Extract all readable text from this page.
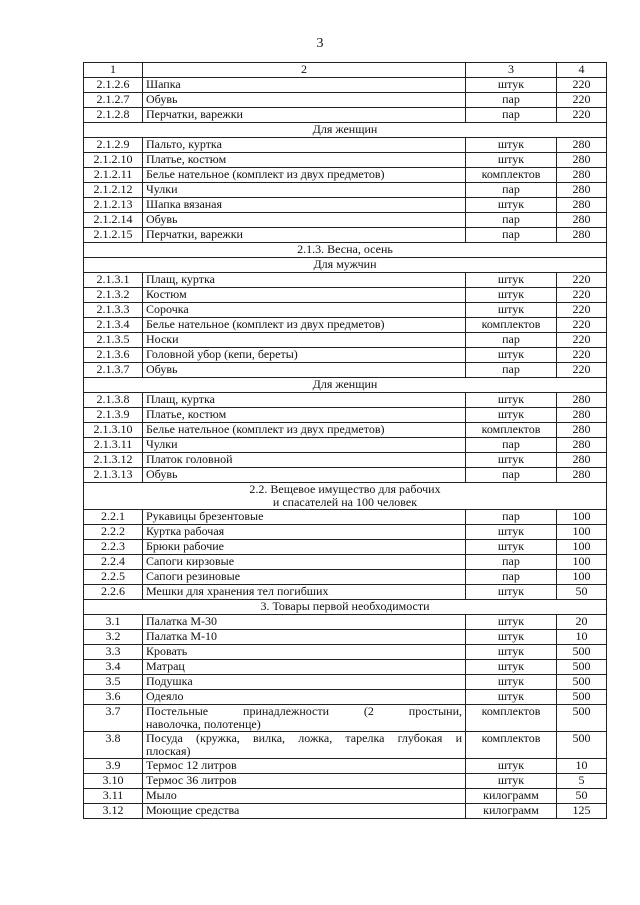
3
1	2	3	4
2.1.2.6	Шапка	штук	220
2.1.2.7	Обувь	пар	220
2.1.2.8	Перчатки, варежки	пар	220

Для женщин			

2.1.2.9	Пальто, куртка	штук	280
2.1.2.10	Платье, костюм	штук	280
2.1.2.11	Белье нательное (комплект из двух предметов)	комплектов	280
2.1.2.12	Чулки	пар	280
2.1.2.13	Шапка вязаная	штук	280
2.1.2.14	Обувь	пар	280
2.1.2.15	Перчатки, варежки	пар	280

2.1.3. Весна, осень			

Для мужчин			

2.1.3.1	Плащ, куртка	штук	220
2.1.3.2	Костюм	штук	220
2.1.3.3	Сорочка	штук	220
2.1.3.4	Белье нательное (комплект из двух предметов)	комплектов	220
2.1.3.5	Носки	пар	220
2.1.3.6	Головной убор (кепи, береты)	штук	220
2.1.3.7	Обувь	пар	220

Для женщин			

2.1.3.8	Плащ, куртка	штук	280
2.1.3.9	Платье, костюм	штук	280
2.1.3.10	Белье нательное (комплект из двух предметов)	комплектов	280
2.1.3.11	Чулки	пар	280
2.1.3.12	Платок головной	штук	280
2.1.3.13	Обувь	пар	280

2.2. Вещевое имущество для рабочих
и спасателей на 100 человек			

2.2.1	Рукавицы брезентовые	пар	100
2.2.2	Куртка рабочая	штук	100
2.2.3	Брюки рабочие	штук	100
2.2.4	Сапоги кирзовые	пар	100
2.2.5	Сапоги резиновые	пар	100
2.2.6	Мешки для хранения тел погибших	штук	50

3. Товары первой необходимости			

3.1	Палатка М-30	штук	20
3.2	Палатка М-10	штук	10
3.3	Кровать	штук	500
3.4	Матрац	штук	500
3.5	Подушка	штук	500
3.6	Одеяло	штук	500
3.7	Постельные принадлежности (2 простыни,
наволочка, полотенце)	комплектов	500
3.8	Посуда (кружка, вилка, ложка, тарелка глубокая и
плоская)	комплектов	500
3.9	Термос 12 литров	штук	10
3.10	Термос 36 литров	штук	5
3.11	Мыло	килограмм	50
3.12	Моющие средства	килограмм	125
